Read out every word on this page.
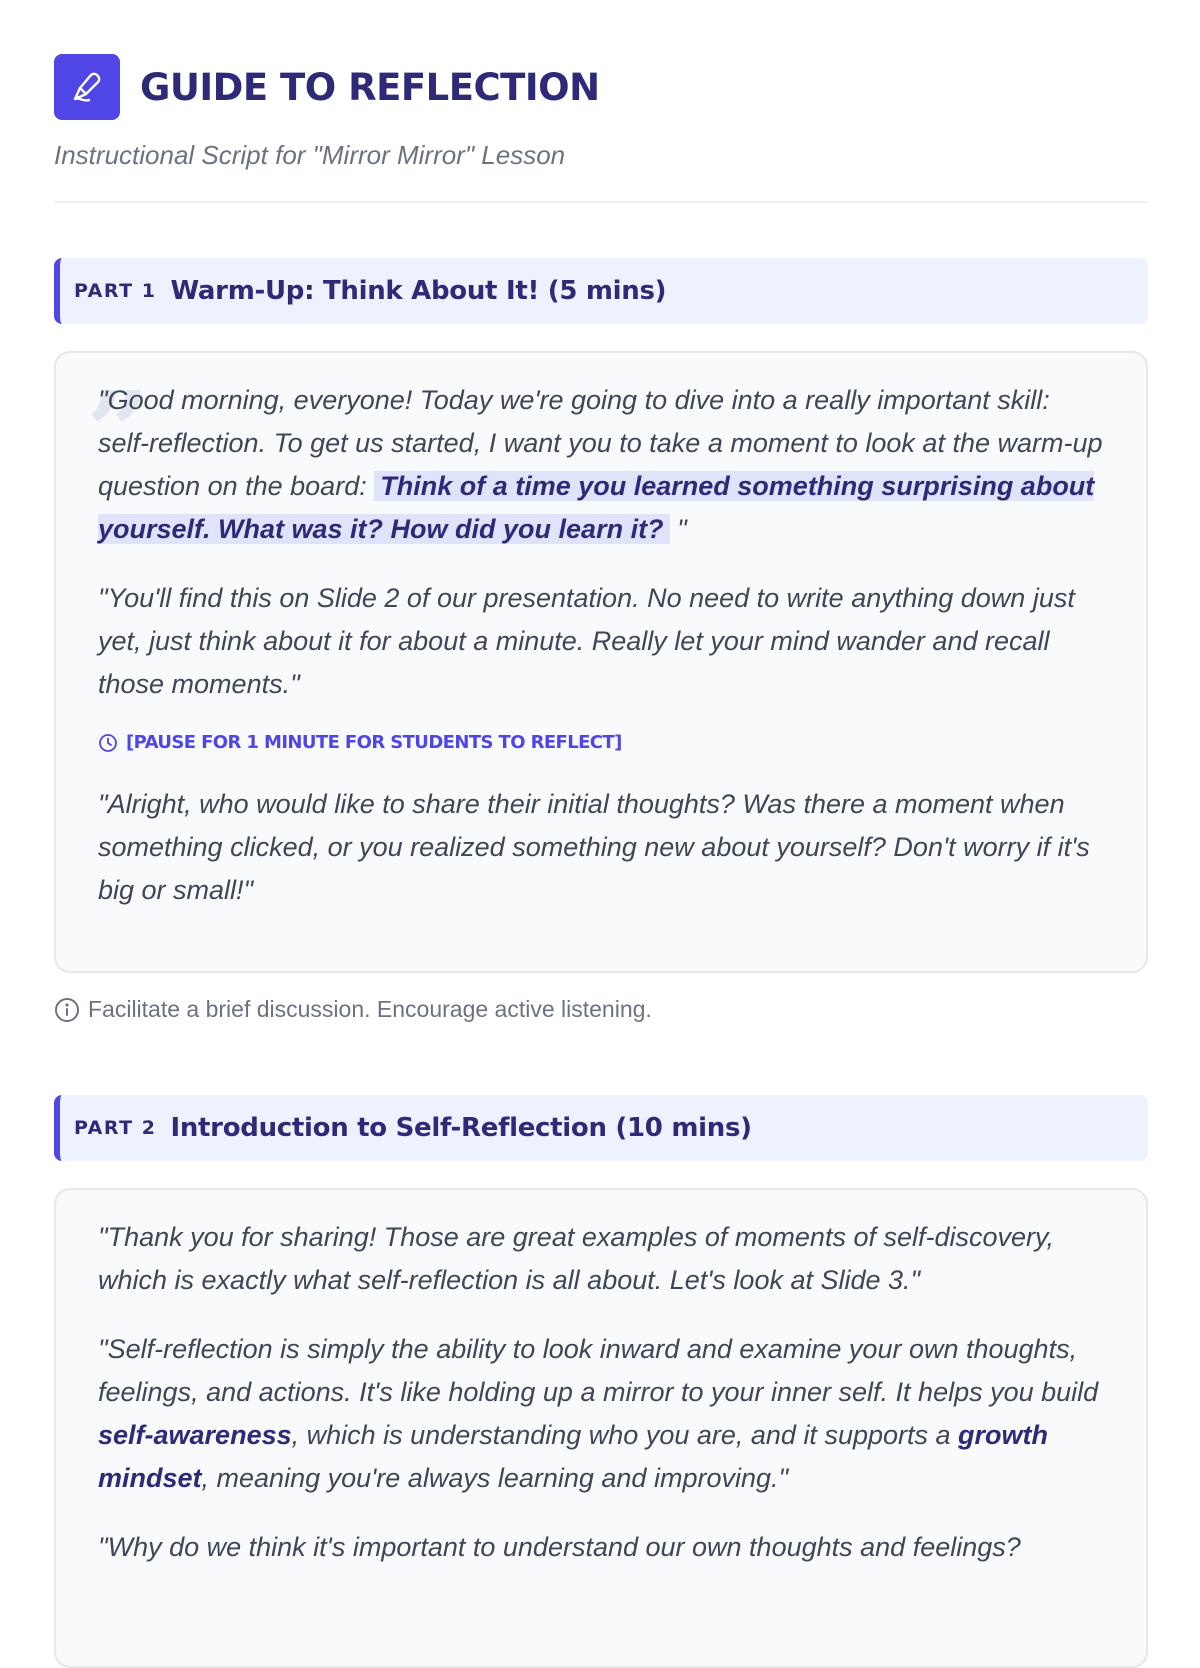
GUIDE TO REFLECTION
Instructional Script for "Mirror Mirror" Lesson
PART 1 Warm-Up: Think About It! (5 mins)
”

"Good morning, everyone! Today we're going to dive into a really important skill: self-reflection. To get us started, I want you to take a moment to look at the warm-up question on the board: Think of a time you learned something surprising about yourself. What was it? How did you learn it? "

"You'll find this on Slide 2 of our presentation. No need to write anything down just yet, just think about it for about a minute. Really let your mind wander and recall those moments."

[PAUSE FOR 1 MINUTE FOR STUDENTS TO REFLECT]

"Alright, who would like to share their initial thoughts? Was there a moment when something clicked, or you realized something new about yourself? Don't worry if it's big or small!"

Facilitate a brief discussion. Encourage active listening.
PART 2 Introduction to Self-Reflection (10 mins)

"Thank you for sharing! Those are great examples of moments of self-discovery, which is exactly what self-reflection is all about. Let's look at Slide 3."

"Self-reflection is simply the ability to look inward and examine your own thoughts, feelings, and actions. It's like holding up a mirror to your inner self. It helps you build self-awareness, which is understanding who you are, and it supports a growth mindset, meaning you're always learning and improving."

"Why do we think it's important to understand our own thoughts and feelings?
